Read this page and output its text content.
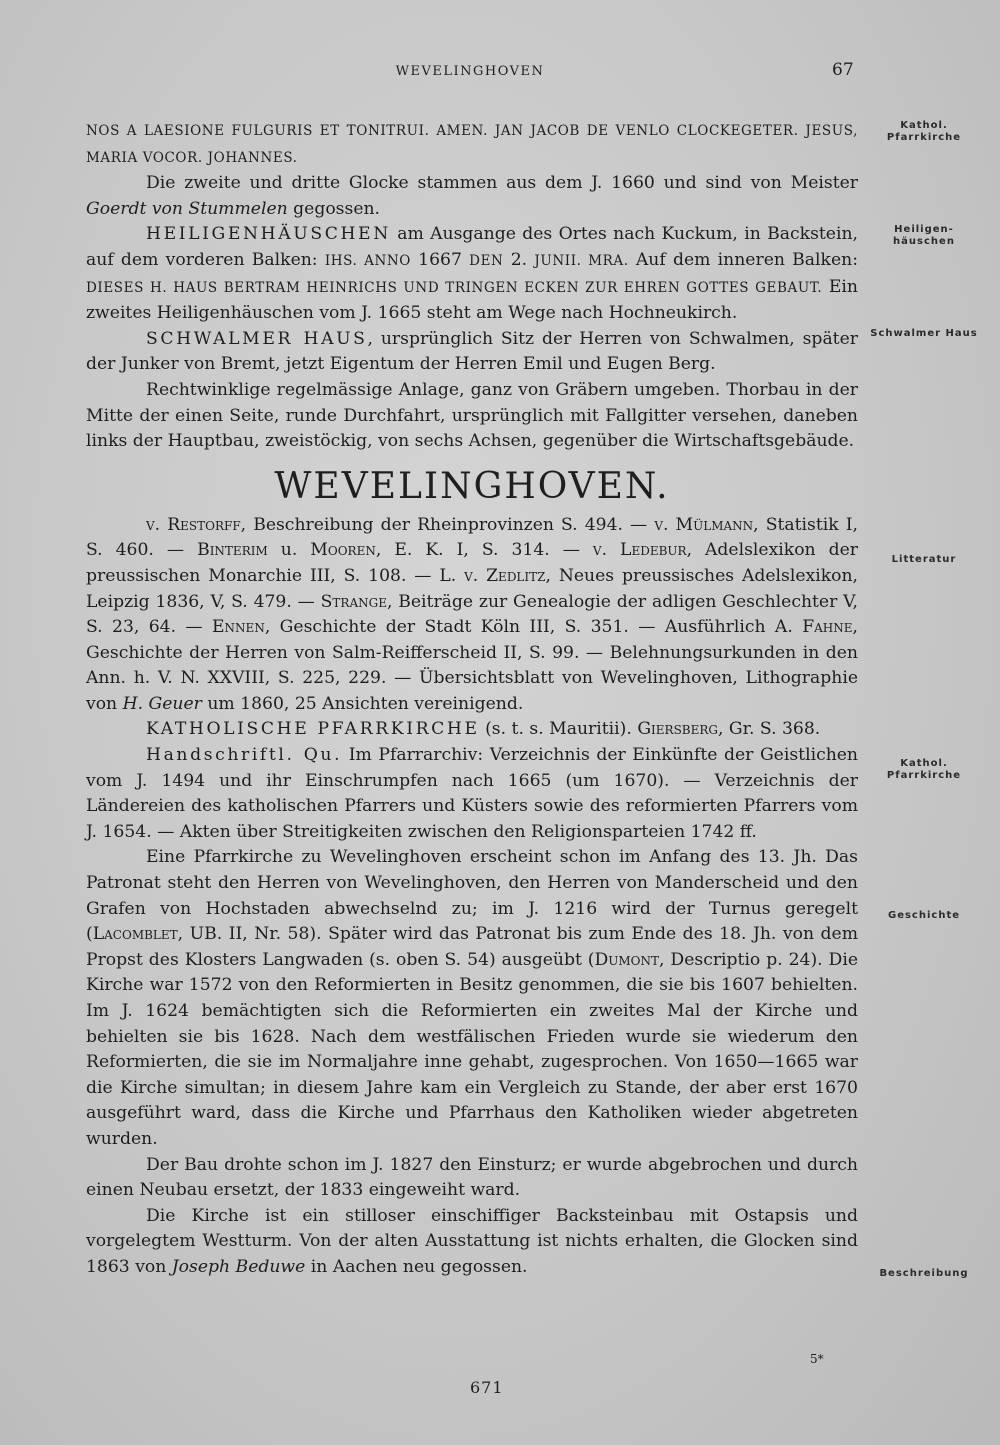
WEVELINGHOVEN	67
Kathol. Pfarrkirche
Heiligen-häuschen
Schwalmer Haus
Litteratur
Kathol. Pfarrkirche
Geschichte
Beschreibung

NOS A LAESIONE FULGURIS ET TONITRUI. AMEN. JAN JACOB DE VENLO CLOCKEGETER. JESUS, MARIA VOCOR. JOHANNES.

Die zweite und dritte Glocke stammen aus dem J. 1660 und sind von Meister Goerdt von Stummelen gegossen.

HEILIGENHÄUSCHEN am Ausgange des Ortes nach Kuckum, in Backstein, auf dem vorderen Balken: IHS. ANNO 1667 DEN 2. JUNII. MRA. Auf dem inneren Balken: DIESES H. HAUS BERTRAM HEINRICHS UND TRINGEN ECKEN ZUR EHREN GOTTES GEBAUT. Ein zweites Heiligenhäuschen vom J. 1665 steht am Wege nach Hochneukirch.

SCHWALMER HAUS, ursprünglich Sitz der Herren von Schwalmen, später der Junker von Bremt, jetzt Eigentum der Herren Emil und Eugen Berg.

Rechtwinklige regelmässige Anlage, ganz von Gräbern umgeben. Thorbau in der Mitte der einen Seite, runde Durchfahrt, ursprünglich mit Fallgitter versehen, daneben links der Hauptbau, zweistöckig, von sechs Achsen, gegenüber die Wirtschaftsgebäude.

WEVELINGHOVEN.

v. Restorff, Beschreibung der Rheinprovinzen S. 494. — v. Mülmann, Statistik I, S. 460. — Binterim u. Mooren, E. K. I, S. 314. — v. Ledebur, Adelslexikon der preussischen Monarchie III, S. 108. — L. v. Zedlitz, Neues preussisches Adelslexikon, Leipzig 1836, V, S. 479. — Strange, Beiträge zur Genealogie der adligen Geschlechter V, S. 23, 64. — Ennen, Geschichte der Stadt Köln III, S. 351. — Ausführlich A. Fahne, Geschichte der Herren von Salm-Reifferscheid II, S. 99. — Belehnungsurkunden in den Ann. h. V. N. XXVIII, S. 225, 229. — Übersichtsblatt von Wevelinghoven, Lithographie von H. Geuer um 1860, 25 Ansichten vereinigend.

KATHOLISCHE PFARRKIRCHE (s. t. s. Mauritii). Giersberg, Gr. S. 368.

Handschriftl. Qu. Im Pfarrarchiv: Verzeichnis der Einkünfte der Geistlichen vom J. 1494 und ihr Einschrumpfen nach 1665 (um 1670). — Verzeichnis der Ländereien des katholischen Pfarrers und Küsters sowie des reformierten Pfarrers vom J. 1654. — Akten über Streitigkeiten zwischen den Religionsparteien 1742 ff.

Eine Pfarrkirche zu Wevelinghoven erscheint schon im Anfang des 13. Jh. Das Patronat steht den Herren von Wevelinghoven, den Herren von Manderscheid und den Grafen von Hochstaden abwechselnd zu; im J. 1216 wird der Turnus geregelt (Lacomblet, UB. II, Nr. 58). Später wird das Patronat bis zum Ende des 18. Jh. von dem Propst des Klosters Langwaden (s. oben S. 54) ausgeübt (Dumont, Descriptio p. 24). Die Kirche war 1572 von den Reformierten in Besitz genommen, die sie bis 1607 behielten. Im J. 1624 bemächtigten sich die Reformierten ein zweites Mal der Kirche und behielten sie bis 1628. Nach dem westfälischen Frieden wurde sie wiederum den Reformierten, die sie im Normaljahre inne gehabt, zugesprochen. Von 1650—1665 war die Kirche simultan; in diesem Jahre kam ein Vergleich zu Stande, der aber erst 1670 ausgeführt ward, dass die Kirche und Pfarrhaus den Katholiken wieder abgetreten wurden.

Der Bau drohte schon im J. 1827 den Einsturz; er wurde abgebrochen und durch einen Neubau ersetzt, der 1833 eingeweiht ward.

Die Kirche ist ein stilloser einschiffiger Backsteinbau mit Ostapsis und vorgelegtem Westturm. Von der alten Ausstattung ist nichts erhalten, die Glocken sind 1863 von Joseph Beduwe in Aachen neu gegossen.

5*
671
